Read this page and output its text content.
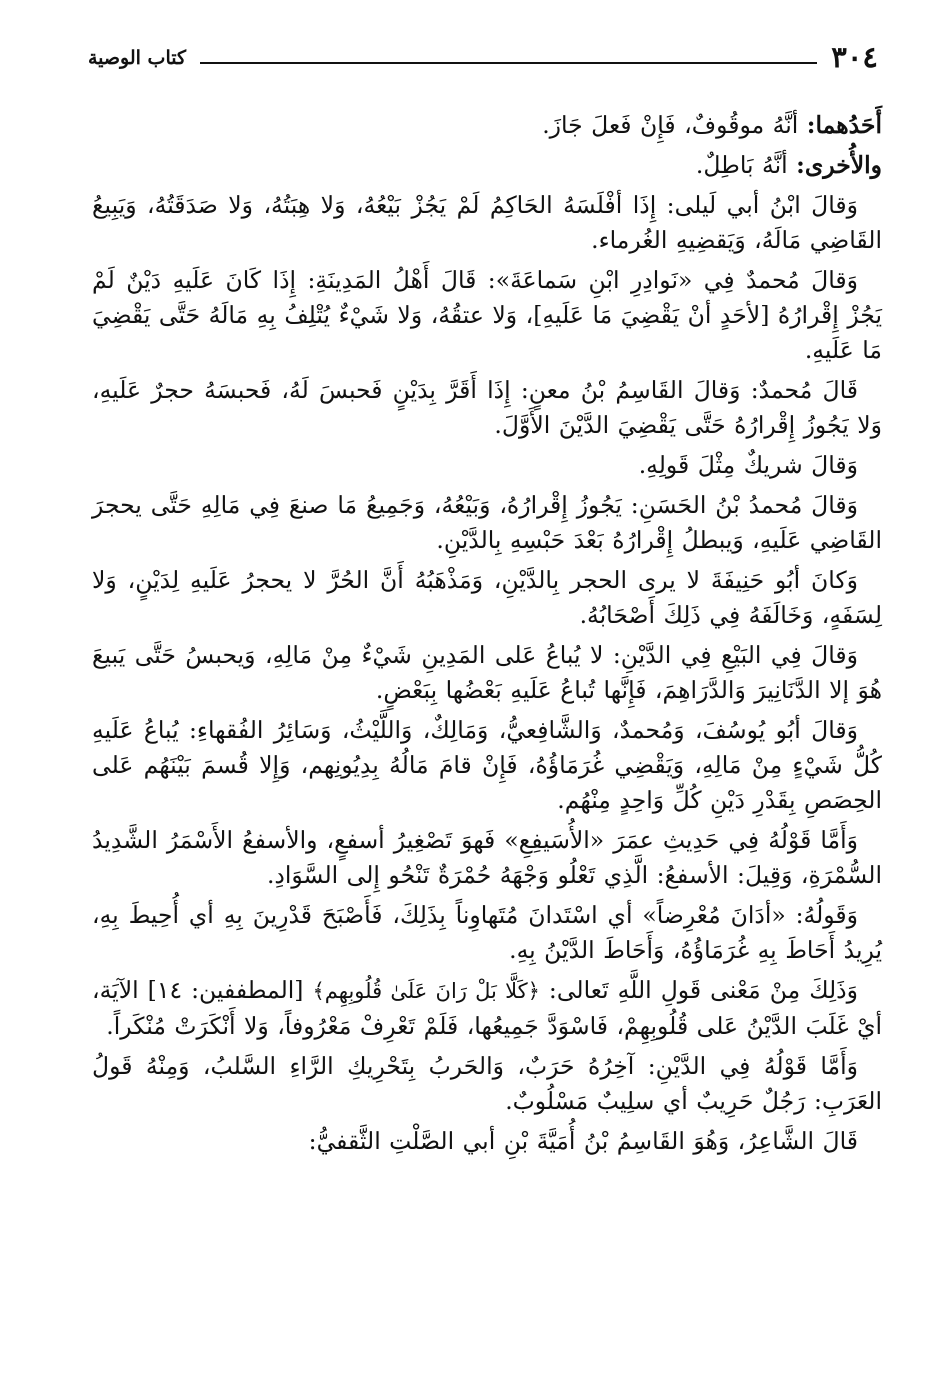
٣٠٤
كتاب الوصية

أَحَدُهما: أنَّهُ موقُوفٌ، فَإِنْ فَعلَ جَازَ.

والأُخرى: أنَّهُ بَاطِلٌ.

وَقالَ ابْنُ أبي لَيلى: إِذَا أفْلَسَهُ الحَاكِمُ لَمْ يَجُزْ بَيْعُهُ، وَلا هِبَتُهُ، وَلا صَدَقَتُهُ، وَيَبِيعُ القَاضِي مَالَهُ، وَيَقضِيهِ الغُرماء.

وَقالَ مُحمدٌ فِي «نَوادِرِ ابْنِ سَماعَةَ»: قَالَ أَهْلُ المَدِينَةِ: إِذَا كَانَ عَلَيهِ دَيْنٌ لَمْ يَجُزْ إِقْرارُهُ [لأحَدٍ أنْ يَقْضِيَ مَا عَلَيهِ]، وَلا عتقُهُ، وَلا شَيْءٌ يُتْلِفُ بِهِ مَالَهُ حَتَّى يَقْضِيَ مَا عَلَيهِ.

قَالَ مُحمدٌ: وَقالَ القَاسِمُ بْنُ معنٍ: إِذَا أَقَرَّ بِدَيْنٍ فَحبسَ لَهُ، فَحبسَهُ حجرٌ عَلَيهِ، وَلا يَجُوزُ إِقْرارُهُ حَتَّى يَقْضِيَ الدَّيْنَ الأَوَّلَ.

وَقالَ شريكٌ مِثْلَ قَولِهِ.

وَقالَ مُحمدُ بْنُ الحَسَنِ: يَجُوزُ إِقْرارُهُ، وَبَيْعُهُ، وَجَمِيعُ مَا صنعَ فِي مَالِهِ حَتَّى يحجرَ القَاضِي عَلَيهِ، وَيبطلُ إِقْرارُهُ بَعْدَ حَبْسِهِ بِالدَّيْنِ.

وَكانَ أبُو حَنِيفَةَ لا يرى الحجر بِالدَّيْنِ، وَمَذْهَبُهُ أَنَّ الحُرَّ لا يحجرُ عَلَيهِ لِدَيْنٍ، وَلا لِسَفَهٍ، وَخَالَفَهُ فِي ذَلِكَ أَصْحَابُهُ.

وَقالَ فِي البَيْعِ فِي الدَّيْنِ: لا يُباعُ عَلى المَدِينِ شَيْءٌ مِنْ مَالِهِ، وَيحبسُ حَتَّى يَبيعَ هُوَ إلا الدَّنَانِيرَ وَالدَّرَاهِمَ، فَإِنَّها تُباعُ عَلَيهِ بَعْضُها بِبَعْضٍ.

وَقالَ أبُو يُوسُفَ، وَمُحمدٌ، وَالشَّافِعيُّ، وَمَالِكٌ، وَاللَّيْثُ، وَسَائِرُ الفُقهاءِ: يُباعُ عَلَيهِ كُلُّ شَيْءٍ مِنْ مَالِهِ، وَيَقْضِي غُرَمَاؤُهُ، فَإِنْ قامَ مَالُهُ بِدِيُونِهم، وَإِلا قُسمَ بَيْنَهُم عَلى الحِصَصِ بِقَدْرِ دَيْنِ كُلِّ وَاحِدٍ مِنْهُم.

وَأَمَّا قَوْلُهُ فِي حَدِيثِ عمَرَ «الأُسَيفِعِ» فَهوَ تَصْغِيرُ أسفعٍ، والأسفعُ الأَسْمَرُ الشَّدِيدُ السُّمْرَةِ، وَقِيلَ: الأسفعُ: الَّذِي تَعْلُو وَجْهَهُ حُمْرَةٌ تَنْحُو إِلى السَّوَادِ.

وَقَولُهُ: «أدَانَ مُعْرِضاً» أي اسْتَدانَ مُتَهاوِناً بِذَلِكَ، فَأَصْبَحَ قَدْرِينَ بِهِ أي أُحِيطَ بِهِ، يُرِيدُ أَحَاطَ بِهِ غُرَمَاؤُهُ، وَأَحَاطَ الدَّيْنُ بِهِ.

وَذَلِكَ مِنْ مَعْنى قَولِ اللَّهِ تَعالى: ﴿كَلَّا بَلْ رَانَ عَلَىٰ قُلُوبِهِم﴾ [المطففين: ١٤] الآيَة، أيْ غَلَبَ الدَّيْنُ عَلى قُلُوبِهِمْ، فَاسْوَدَّ جَمِيعُها، فَلَمْ تَعْرِفْ مَعْرُوفاً، وَلا أَنْكَرَتْ مُنْكَراً.

وَأَمَّا قَوْلُهُ فِي الدَّيْنِ: آخِرُهُ حَرَبٌ، وَالحَربُ بِتَحْرِيكِ الرَّاءِ السَّلبُ، وَمِنْهُ قَولُ العَرَبِ: رَجُلٌ حَرِيبٌ أي سلِيبٌ مَسْلُوبٌ.

قَالَ الشَّاعِرُ، وَهُوَ القَاسِمُ بْنُ أُمَيَّةَ بْنِ أبي الصَّلْتِ الثَّقفيُّ:
